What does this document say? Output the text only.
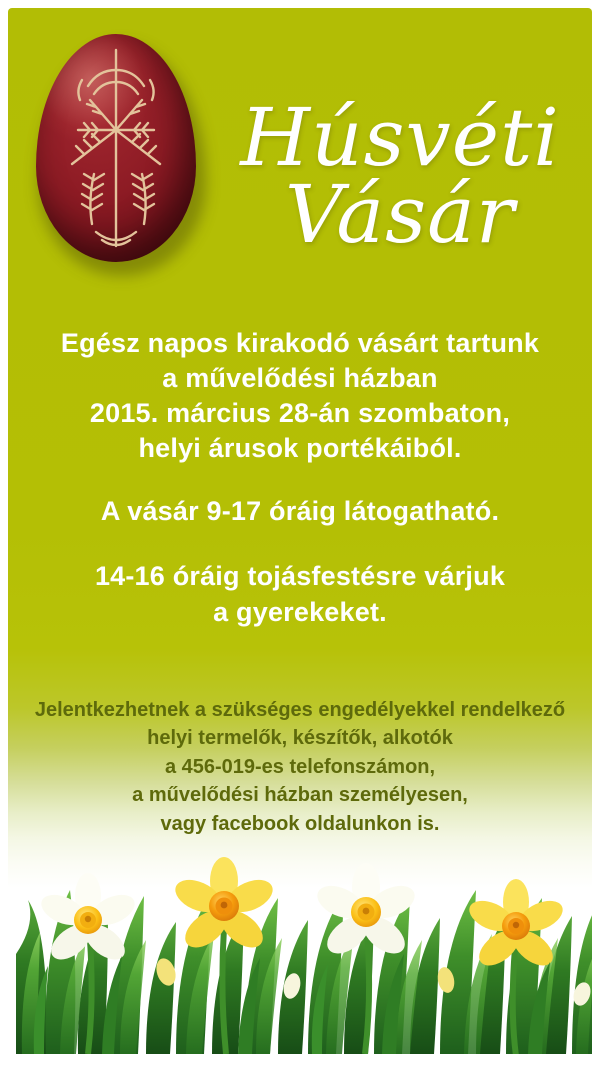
Húsvéti
Vásár
Egész napos kirakodó vásárt tartunk
a művelődési házban
2015. március 28-án szombaton,
helyi árusok portékáiból.
A vásár 9-17 óráig látogatható.
14-16 óráig tojásfestésre várjuk
a gyerekeket.
Jelentkezhetnek a szükséges engedélyekkel rendelkező
helyi termelők, készítők, alkotók
a 456-019-es telefonszámon,
a művelődési házban személyesen,
vagy facebook oldalunkon is.
